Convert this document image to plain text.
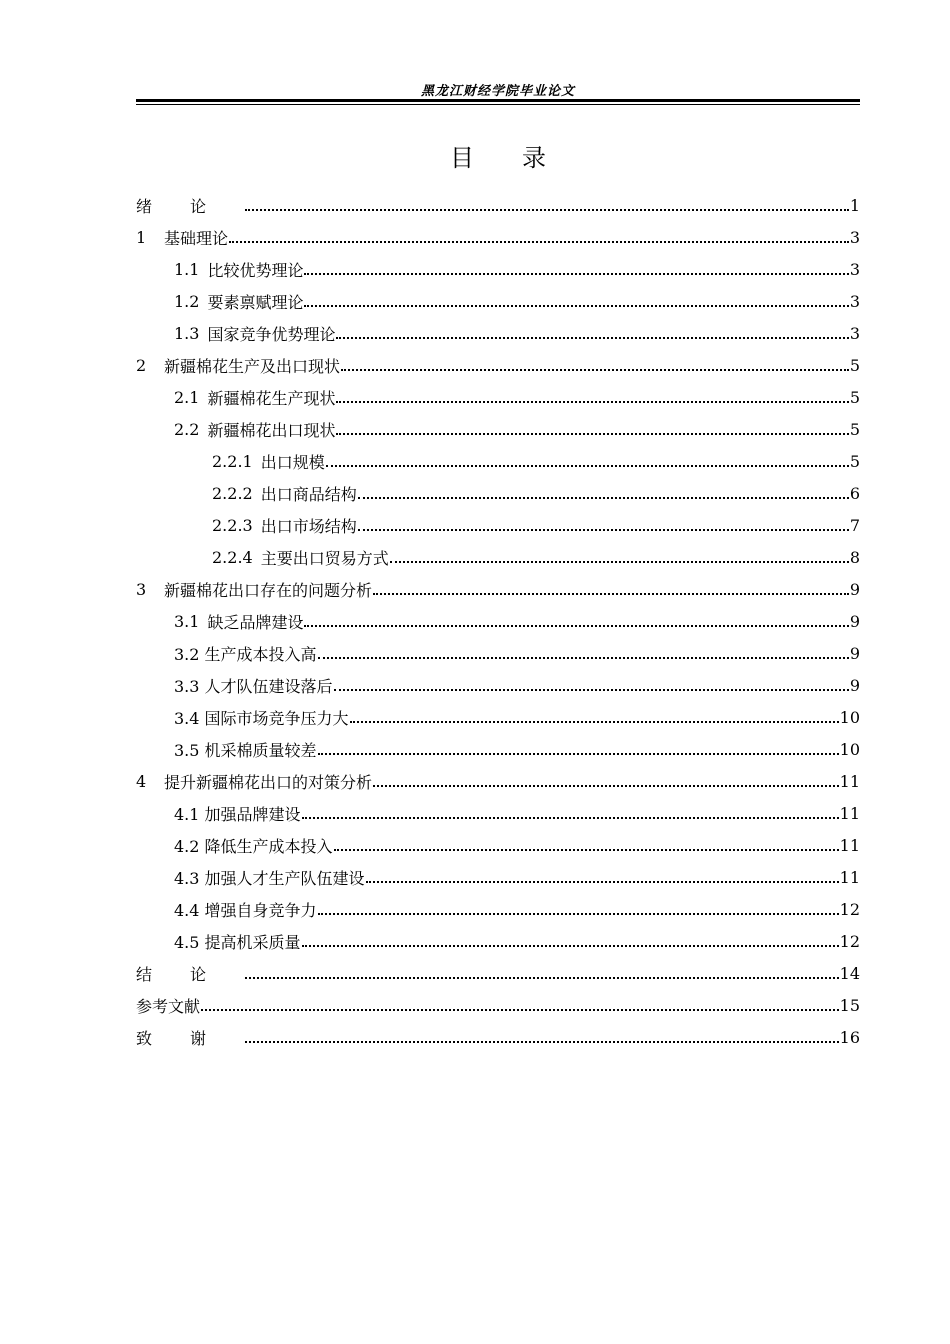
黑龙江财经学院毕业论文
目 录
绪论	1
1	基础理论	3
1.1 比较优势理论	3
1.2 要素禀赋理论	3
1.3 国家竞争优势理论	3
2	新疆棉花生产及出口现状	5
2.1 新疆棉花生产现状	5
2.2 新疆棉花出口现状	5
2.2.1 出口规模	5
2.2.2 出口商品结构	6
2.2.3 出口市场结构	7
2.2.4 主要出口贸易方式	8
3	新疆棉花出口存在的问题分析	9
3.1 缺乏品牌建设	9
3.2 生产成本投入高	9
3.3 人才队伍建设落后	9
3.4 国际市场竞争压力大	10
3.5 机采棉质量较差	10
4	提升新疆棉花出口的对策分析	11
4.1 加强品牌建设	11
4.2 降低生产成本投入	11
4.3 加强人才生产队伍建设	11
4.4 增强自身竞争力	12
4.5 提高机采质量	12
结论	14
参考文献	15
致谢	16
